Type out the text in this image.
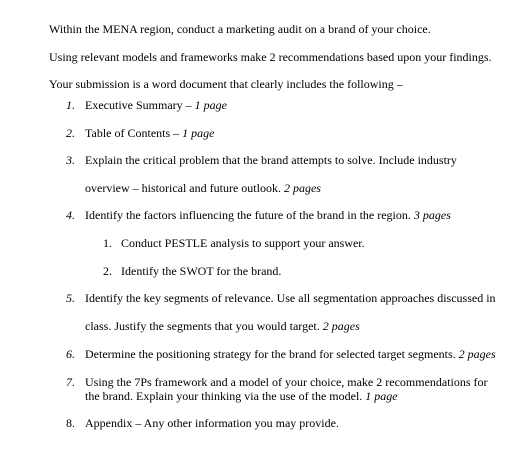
Within the MENA region, conduct a marketing audit on a brand of your choice.
Using relevant models and frameworks make 2 recommendations based upon your findings.
Your submission is a word document that clearly includes the following –
1. Executive Summary – 1 page
2. Table of Contents – 1 page
3. Explain the critical problem that the brand attempts to solve. Include industry
overview – historical and future outlook. 2 pages
4. Identify the factors influencing the future of the brand in the region. 3 pages
1. Conduct PESTLE analysis to support your answer.
2. Identify the SWOT for the brand.
5. Identify the key segments of relevance. Use all segmentation approaches discussed in
class. Justify the segments that you would target. 2 pages
6. Determine the positioning strategy for the brand for selected target segments. 2 pages
7. Using the 7Ps framework and a model of your choice, make 2 recommendations for
the brand. Explain your thinking via the use of the model. 1 page
8. Appendix – Any other information you may provide.
